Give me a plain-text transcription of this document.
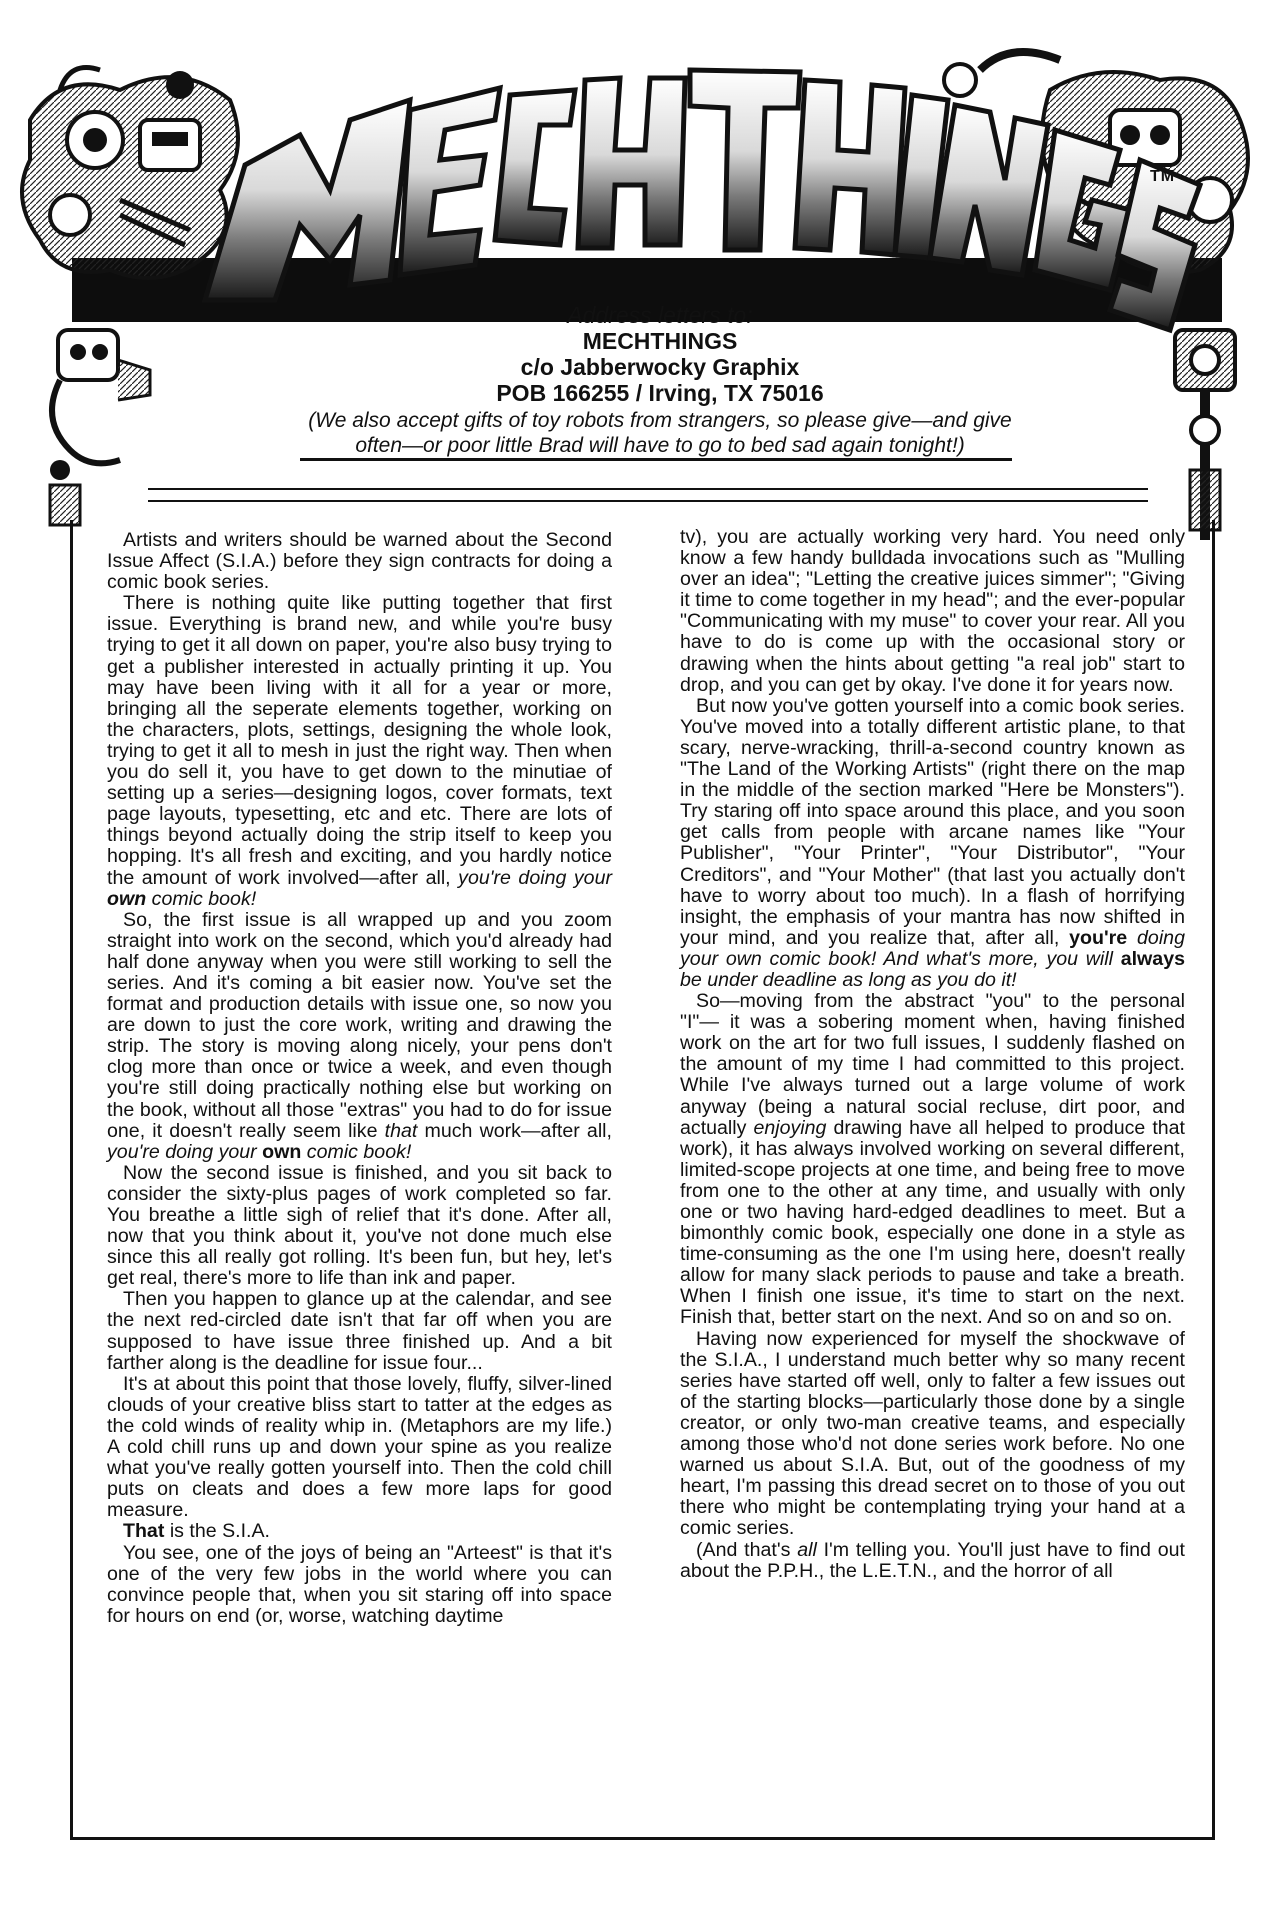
TM
Address letters to:
MECHTHINGS
c/o Jabberwocky Graphix
POB 166255 / Irving, TX 75016
(We also accept gifts of toy robots from strangers, so please give—and give often—or poor little Brad will have to go to bed sad again tonight!)

Artists and writers should be warned about the Second Issue Affect (S.I.A.) before they sign contracts for doing a comic book series.

There is nothing quite like putting together that first issue. Everything is brand new, and while you're busy trying to get it all down on paper, you're also busy trying to get a publisher interested in actually printing it up. You may have been living with it all for a year or more, bringing all the seperate elements together, working on the characters, plots, settings, designing the whole look, trying to get it all to mesh in just the right way. Then when you do sell it, you have to get down to the minutiae of setting up a series—designing logos, cover formats, text page layouts, typesetting, etc and etc. There are lots of things beyond actually doing the strip itself to keep you hopping. It's all fresh and exciting, and you hardly notice the amount of work involved—after all, you're doing your own comic book!

So, the first issue is all wrapped up and you zoom straight into work on the second, which you'd already had half done anyway when you were still working to sell the series. And it's coming a bit easier now. You've set the format and production details with issue one, so now you are down to just the core work, writing and drawing the strip. The story is moving along nicely, your pens don't clog more than once or twice a week, and even though you're still doing practically nothing else but working on the book, without all those "extras" you had to do for issue one, it doesn't really seem like that much work—after all, you're doing your own comic book!

Now the second issue is finished, and you sit back to consider the sixty-plus pages of work completed so far. You breathe a little sigh of relief that it's done. After all, now that you think about it, you've not done much else since this all really got rolling. It's been fun, but hey, let's get real, there's more to life than ink and paper.

Then you happen to glance up at the calendar, and see the next red-circled date isn't that far off when you are supposed to have issue three finished up. And a bit farther along is the deadline for issue four...

It's at about this point that those lovely, fluffy, silver-lined clouds of your creative bliss start to tatter at the edges as the cold winds of reality whip in. (Metaphors are my life.) A cold chill runs up and down your spine as you realize what you've really gotten yourself into. Then the cold chill puts on cleats and does a few more laps for good measure.

That is the S.I.A.

You see, one of the joys of being an "Arteest" is that it's one of the very few jobs in the world where you can convince people that, when you sit staring off into space for hours on end (or, worse, watching daytime

tv), you are actually working very hard. You need only know a few handy bulldada invocations such as "Mulling over an idea"; "Letting the creative juices simmer"; "Giving it time to come together in my head"; and the ever-popular "Communicating with my muse" to cover your rear. All you have to do is come up with the occasional story or drawing when the hints about getting "a real job" start to drop, and you can get by okay. I've done it for years now.

But now you've gotten yourself into a comic book series. You've moved into a totally different artistic plane, to that scary, nerve-wracking, thrill-a-second country known as "The Land of the Working Artists" (right there on the map in the middle of the section marked "Here be Monsters"). Try staring off into space around this place, and you soon get calls from people with arcane names like "Your Publisher", "Your Printer", "Your Distributor", "Your Creditors", and "Your Mother" (that last you actually don't have to worry about too much). In a flash of horrifying insight, the emphasis of your mantra has now shifted in your mind, and you realize that, after all, you're doing your own comic book! And what's more, you will always be under deadline as long as you do it!

So—moving from the abstract "you" to the personal "I"— it was a sobering moment when, having finished work on the art for two full issues, I suddenly flashed on the amount of my time I had committed to this project. While I've always turned out a large volume of work anyway (being a natural social recluse, dirt poor, and actually enjoying drawing have all helped to produce that work), it has always involved working on several different, limited-scope projects at one time, and being free to move from one to the other at any time, and usually with only one or two having hard-edged deadlines to meet. But a bimonthly comic book, especially one done in a style as time-consuming as the one I'm using here, doesn't really allow for many slack periods to pause and take a breath. When I finish one issue, it's time to start on the next. Finish that, better start on the next. And so on and so on.

Having now experienced for myself the shockwave of the S.I.A., I understand much better why so many recent series have started off well, only to falter a few issues out of the starting blocks—particularly those done by a single creator, or only two-man creative teams, and especially among those who'd not done series work before. No one warned us about S.I.A. But, out of the goodness of my heart, I'm passing this dread secret on to those of you out there who might be contemplating trying your hand at a comic series.

(And that's all I'm telling you. You'll just have to find out about the P.P.H., the L.E.T.N., and the horror of all
